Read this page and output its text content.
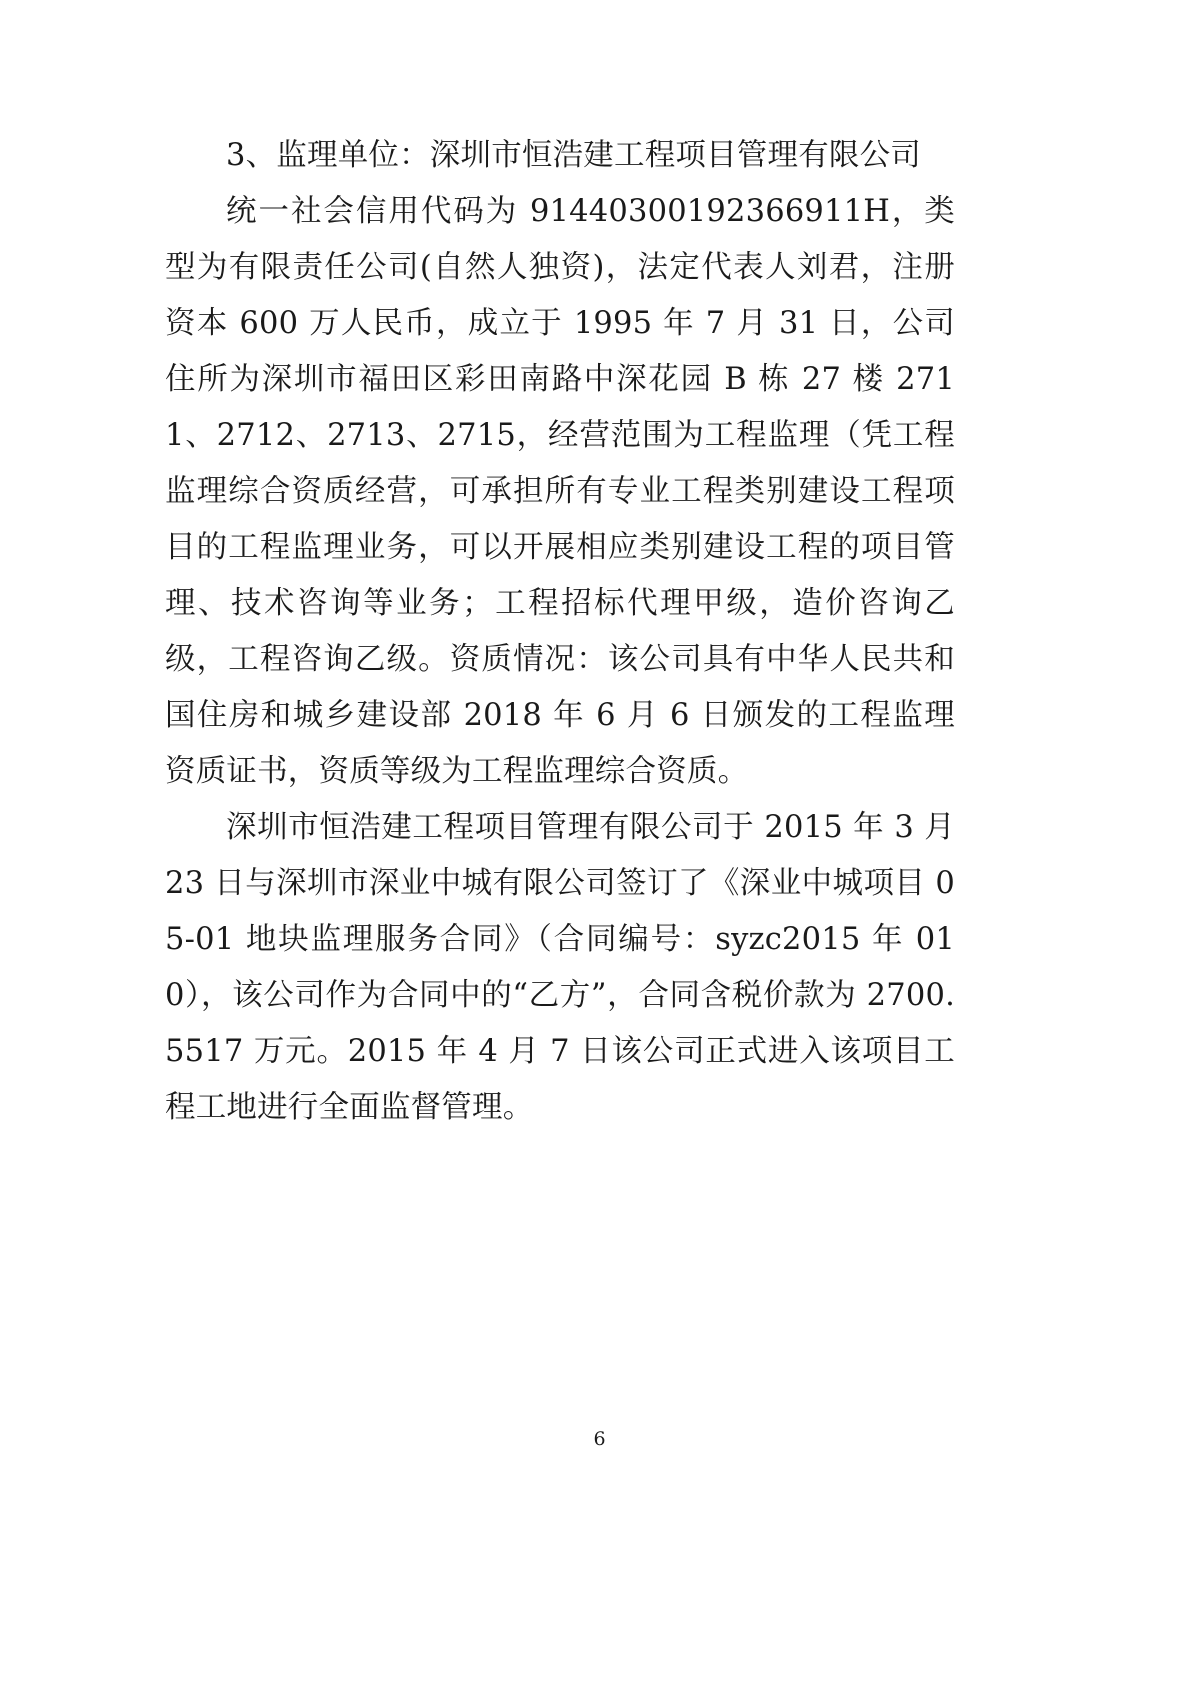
3、监理单位：深圳市恒浩建工程项目管理有限公司

统一社会信用代码为 91440300192366911H，类型为有限责任公司(自然人独资)，法定代表人刘君，注册资本 600 万人民币，成立于 1995 年 7 月 31 日，公司住所为深圳市福田区彩田南路中深花园 B 栋 27 楼 2711、2712、2713、2715，经营范围为工程监理（凭工程监理综合资质经营，可承担所有专业工程类别建设工程项目的工程监理业务，可以开展相应类别建设工程的项目管理、技术咨询等业务；工程招标代理甲级，造价咨询乙级，工程咨询乙级。资质情况：该公司具有中华人民共和国住房和城乡建设部 2018 年 6 月 6 日颁发的工程监理资质证书，资质等级为工程监理综合资质。

深圳市恒浩建工程项目管理有限公司于 2015 年 3 月 23 日与深圳市深业中城有限公司签订了《深业中城项目 05-01 地块监理服务合同》（合同编号：syzc2015 年 010），该公司作为合同中的“乙方”，合同含税价款为 2700.5517 万元。2015 年 4 月 7 日该公司正式进入该项目工程工地进行全面监督管理。

6
